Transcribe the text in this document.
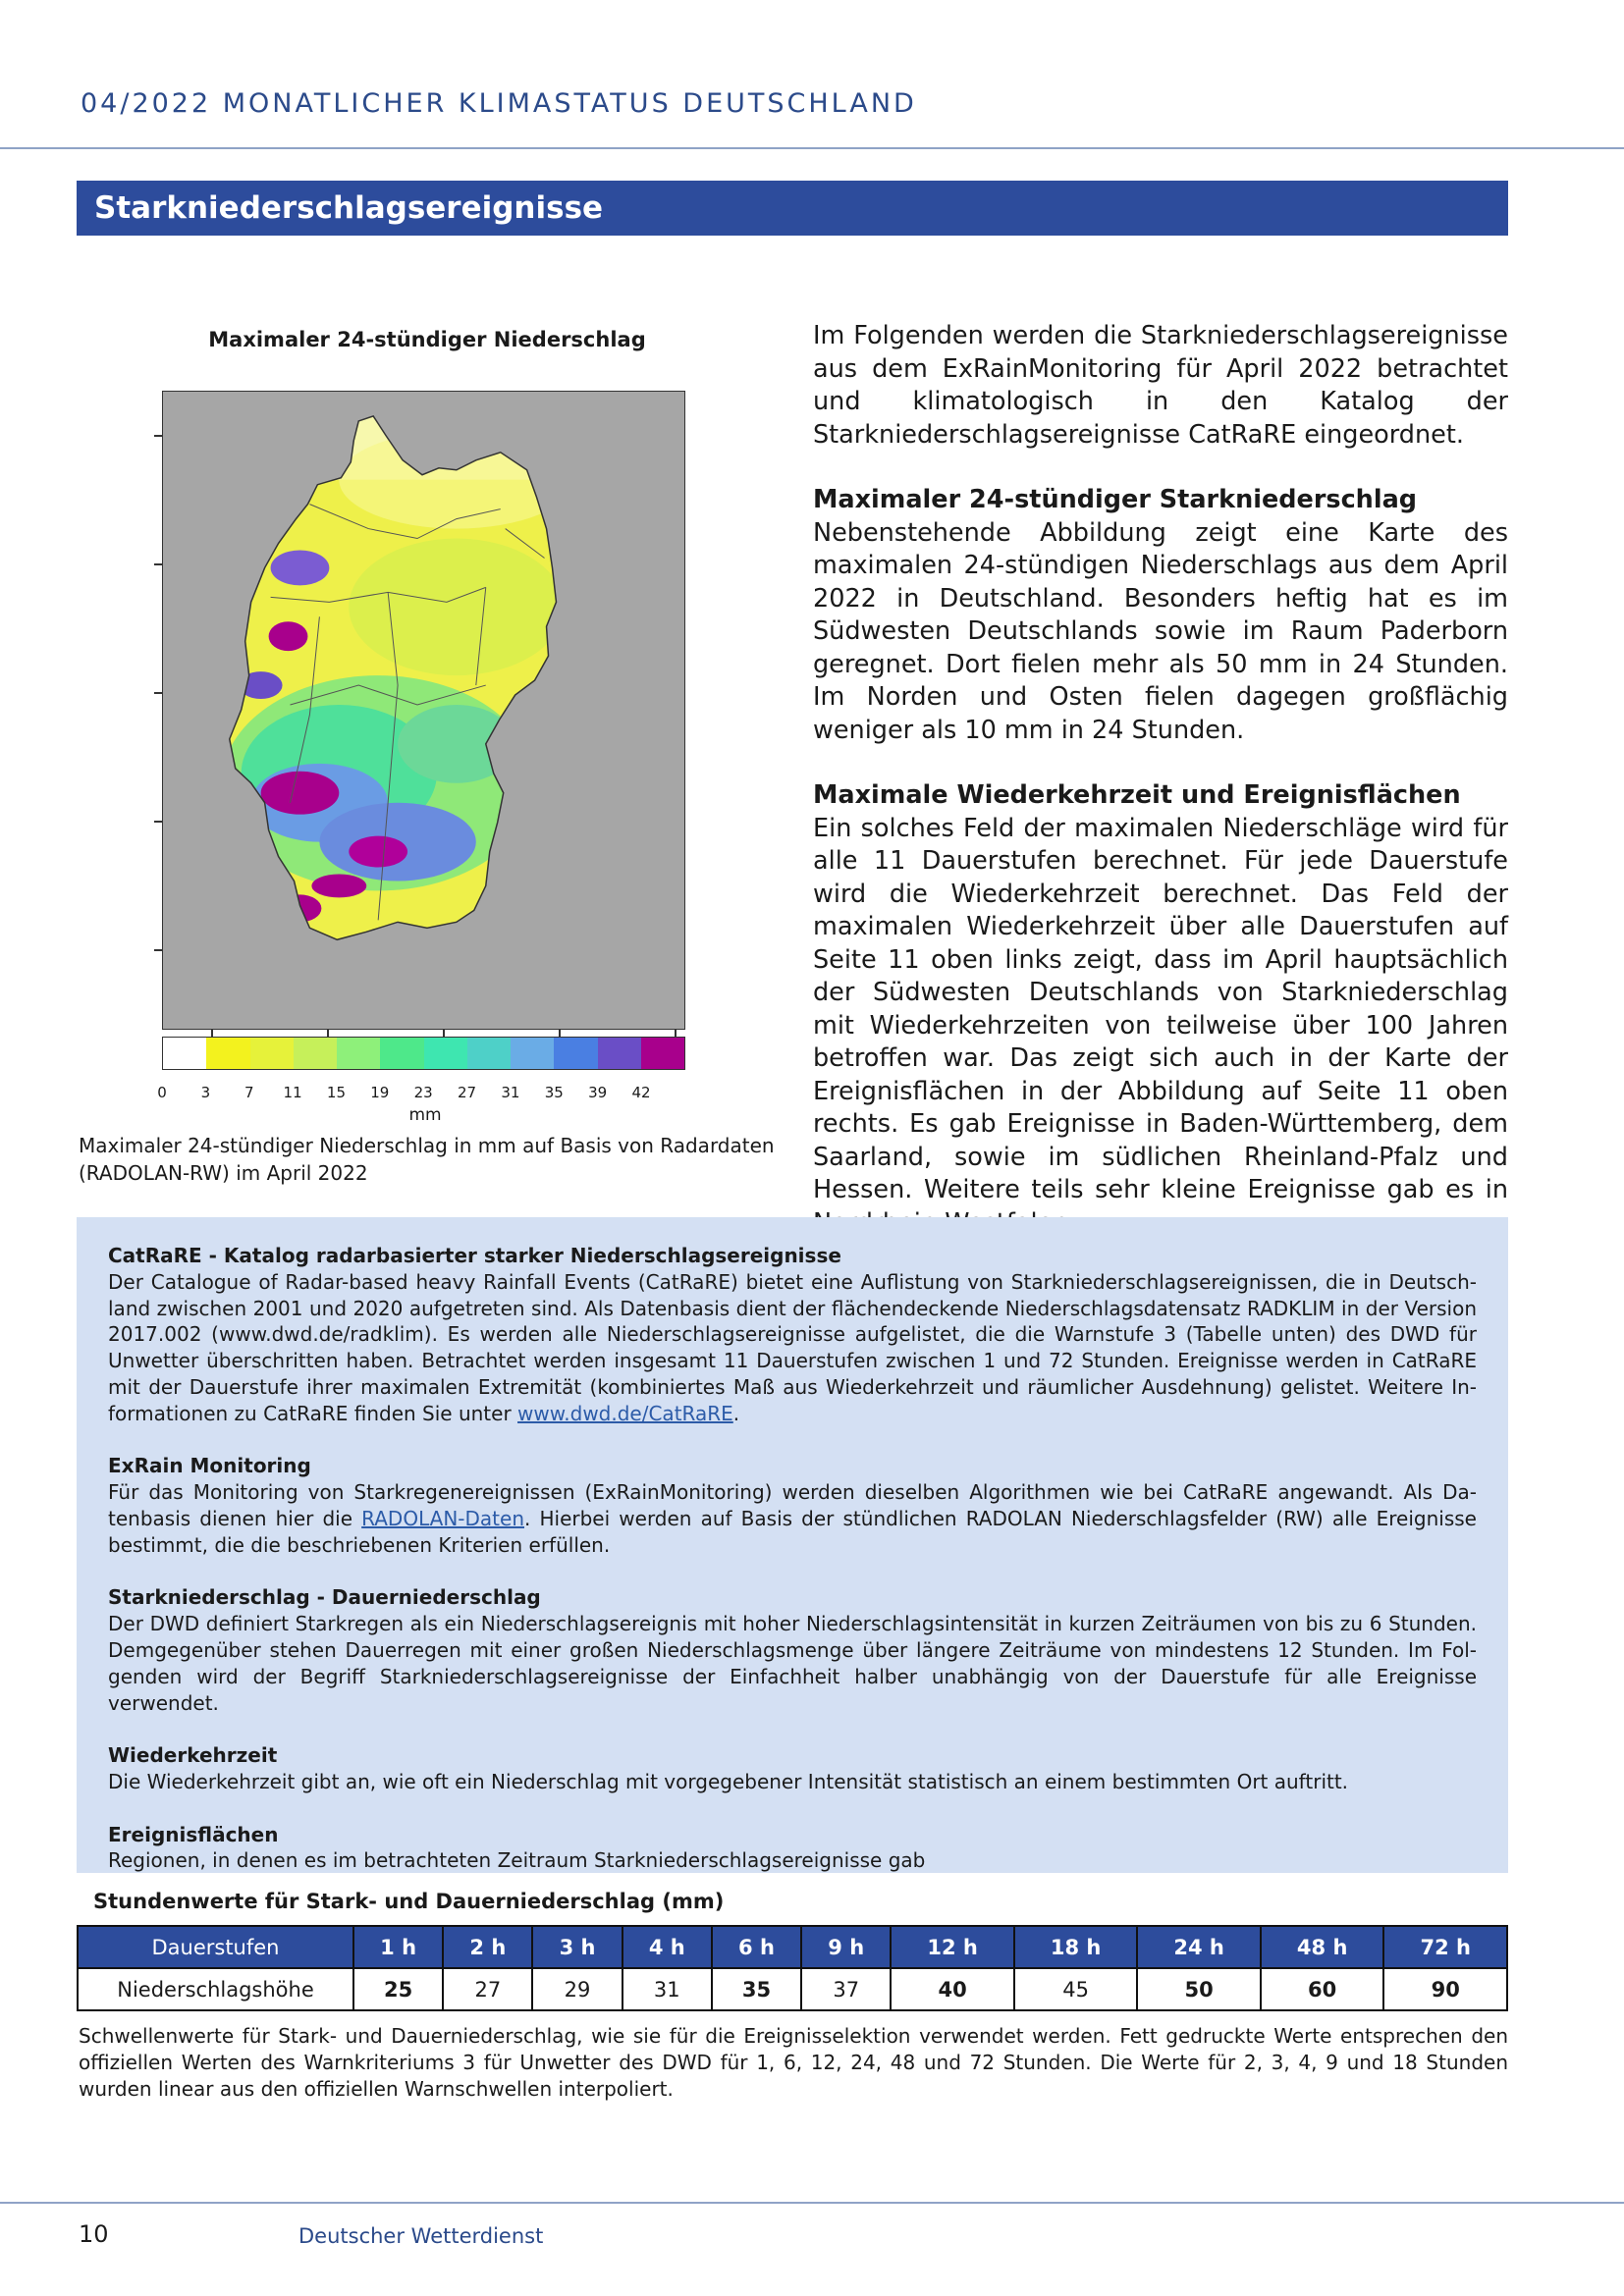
04/2022 MONATLICHER KLIMASTATUS DEUTSCHLAND
Starkniederschlagsereignisse
Maximaler 24-stündiger Niederschlag
0 3 7 11 15 19 23 27 31 35 39 42
mm
Maximaler 24-stündiger Niederschlag in mm auf Basis von Radardaten (RADOLAN-RW) im April 2022

Im Folgenden werden die Starkniederschlagsereignisse aus dem ExRainMonitoring für April 2022 betrachtet und klimatologisch in den Katalog der Starkniederschlagsereignisse CatRaRE eingeordnet.

Maximaler 24-stündiger Starkniederschlag

Nebenstehende Abbildung zeigt eine Karte des maximalen 24-stündigen Niederschlags aus dem April 2022 in Deutschland. Besonders heftig hat es im Südwesten Deutschlands sowie im Raum Paderborn geregnet. Dort fielen mehr als 50 mm in 24 Stunden. Im Norden und Osten fielen dagegen großflächig weniger als 10 mm in 24 Stunden.

Maximale Wiederkehrzeit und Ereignisflächen

Ein solches Feld der maximalen Niederschläge wird für alle 11 Dauerstufen berechnet. Für jede Dauerstufe wird die Wiederkehrzeit berechnet. Das Feld der maximalen Wiederkehrzeit über alle Dauerstufen auf Seite 11 oben links zeigt, dass im April hauptsächlich der Südwesten Deutschlands von Starkniederschlag mit Wiederkehrzeiten von teilweise über 100 Jahren betroffen war. Das zeigt sich auch in der Karte der Ereignisflächen in der Abbildung auf Seite 11 oben rechts. Es gab Ereignisse in Baden-Württemberg, dem Saarland, sowie im südlichen Rheinland-Pfalz und Hessen. Weitere teils sehr kleine Ereignisse gab es in

CatRaRE - Katalog radarbasierter starker Niederschlagsereignisse

Der Catalogue of Radar-based heavy Rainfall Events (CatRaRE) bietet eine Auflistung von Starkniederschlagsereignissen, die in Deutschland zwischen 2001 und 2020 aufgetreten sind. Als Datenbasis dient der flächendeckende Niederschlagsdatensatz RADKLIM in der Version 2017.002 (www.dwd.de/radklim). Es werden alle Niederschlagsereignisse aufgelistet, die die Warnstufe 3 (Tabelle unten) des DWD für Unwetter überschritten haben. Betrachtet werden insgesamt 11 Dauerstufen zwischen 1 und 72 Stunden. Ereignisse werden in CatRaRE mit der Dauerstufe ihrer maximalen Extremität (kombiniertes Maß aus Wiederkehrzeit und räumlicher Ausdehnung) gelistet. Weitere Informationen zu CatRaRE finden Sie unter www.dwd.de/CatRaRE.

ExRain Monitoring

Für das Monitoring von Starkregenereignissen (ExRainMonitoring) werden dieselben Algorithmen wie bei CatRaRE angewandt. Als Datenbasis dienen hier die RADOLAN-Daten. Hierbei werden auf Basis der stündlichen RADOLAN Niederschlagsfelder (RW) alle Ereignisse bestimmt, die die beschriebenen Kriterien erfüllen.

Starkniederschlag - Dauerniederschlag

Der DWD definiert Starkregen als ein Niederschlagsereignis mit hoher Niederschlagsintensität in kurzen Zeiträumen von bis zu 6 Stunden. Demgegenüber stehen Dauerregen mit einer großen Niederschlagsmenge über längere Zeiträume von mindestens 12 Stunden. Im Folgenden wird der Begriff Starkniederschlagsereignisse der Einfachheit halber unabhängig von der Dauerstufe für alle Ereignisse verwendet.

Wiederkehrzeit

Die Wiederkehrzeit gibt an, wie oft ein Niederschlag mit vorgegebener Intensität statistisch an einem bestimmten Ort auftritt.

Ereignisflächen

Regionen, in denen es im betrachteten Zeitraum Starkniederschlagsereignisse gab

Stundenwerte für Stark- und Dauerniederschlag (mm)
Dauerstufen	1 h	2 h	3 h	4 h	6 h	9 h	12 h	18 h	24 h	48 h	72 h
Niederschlagshöhe	25	27	29	31	35	37	40	45	50	60	90
Schwellenwerte für Stark- und Dauerniederschlag, wie sie für die Ereignisselektion verwendet werden. Fett gedruckte Werte entsprechen den offiziellen Werten des Warnkriteriums 3 für Unwetter des DWD für 1, 6, 12, 24, 48 und 72 Stunden. Die Werte für 2, 3, 4, 9 und 18 Stunden wurden linear aus den offiziellen Warnschwellen interpoliert.
10	Deutscher Wetterdienst
